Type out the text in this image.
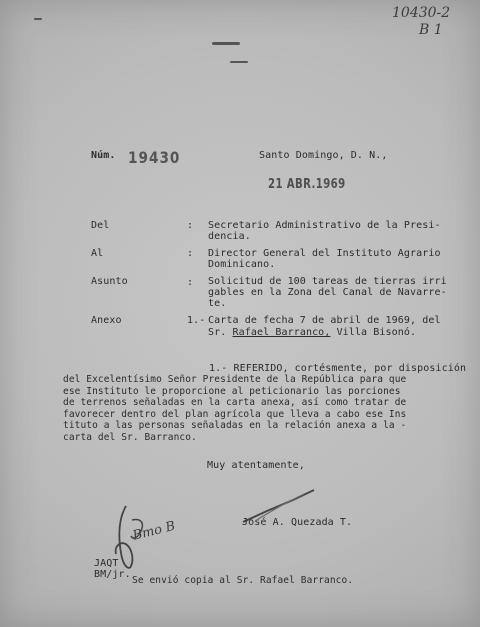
10430-2
B 1
Núm. 19430	Santo Domingo, D. N.,
21 ABR.1969
Del	: Secretario Administrativo de la Presi-
dencia.
Al	: Director General del Instituto Agrario
Dominicano.
Asunto	: Solicitud de 100 tareas de tierras irri
gables en la Zona del Canal de Navarre-
te.
Anexo	1.- Carta de fecha 7 de abril de 1969, del
Sr. Rafael Barranco, Villa Bisonó.
1.- REFERIDO, cortésmente, por disposición
del Excelentísimo Señor Presidente de la República para que
ese Instituto le proporcione al peticionario las porciones
de terrenos señaladas en la carta anexa, así como tratar de
favorecer dentro del plan agrícola que lleva a cabo ese Ins
tituto a las personas señaladas en la relación anexa a la -
carta del Sr. Barranco.
Muy atentamente,
José A. Quezada T.
Bmo B
JAQT
BM/jr.
Se envió copia al Sr. Rafael Barranco.
